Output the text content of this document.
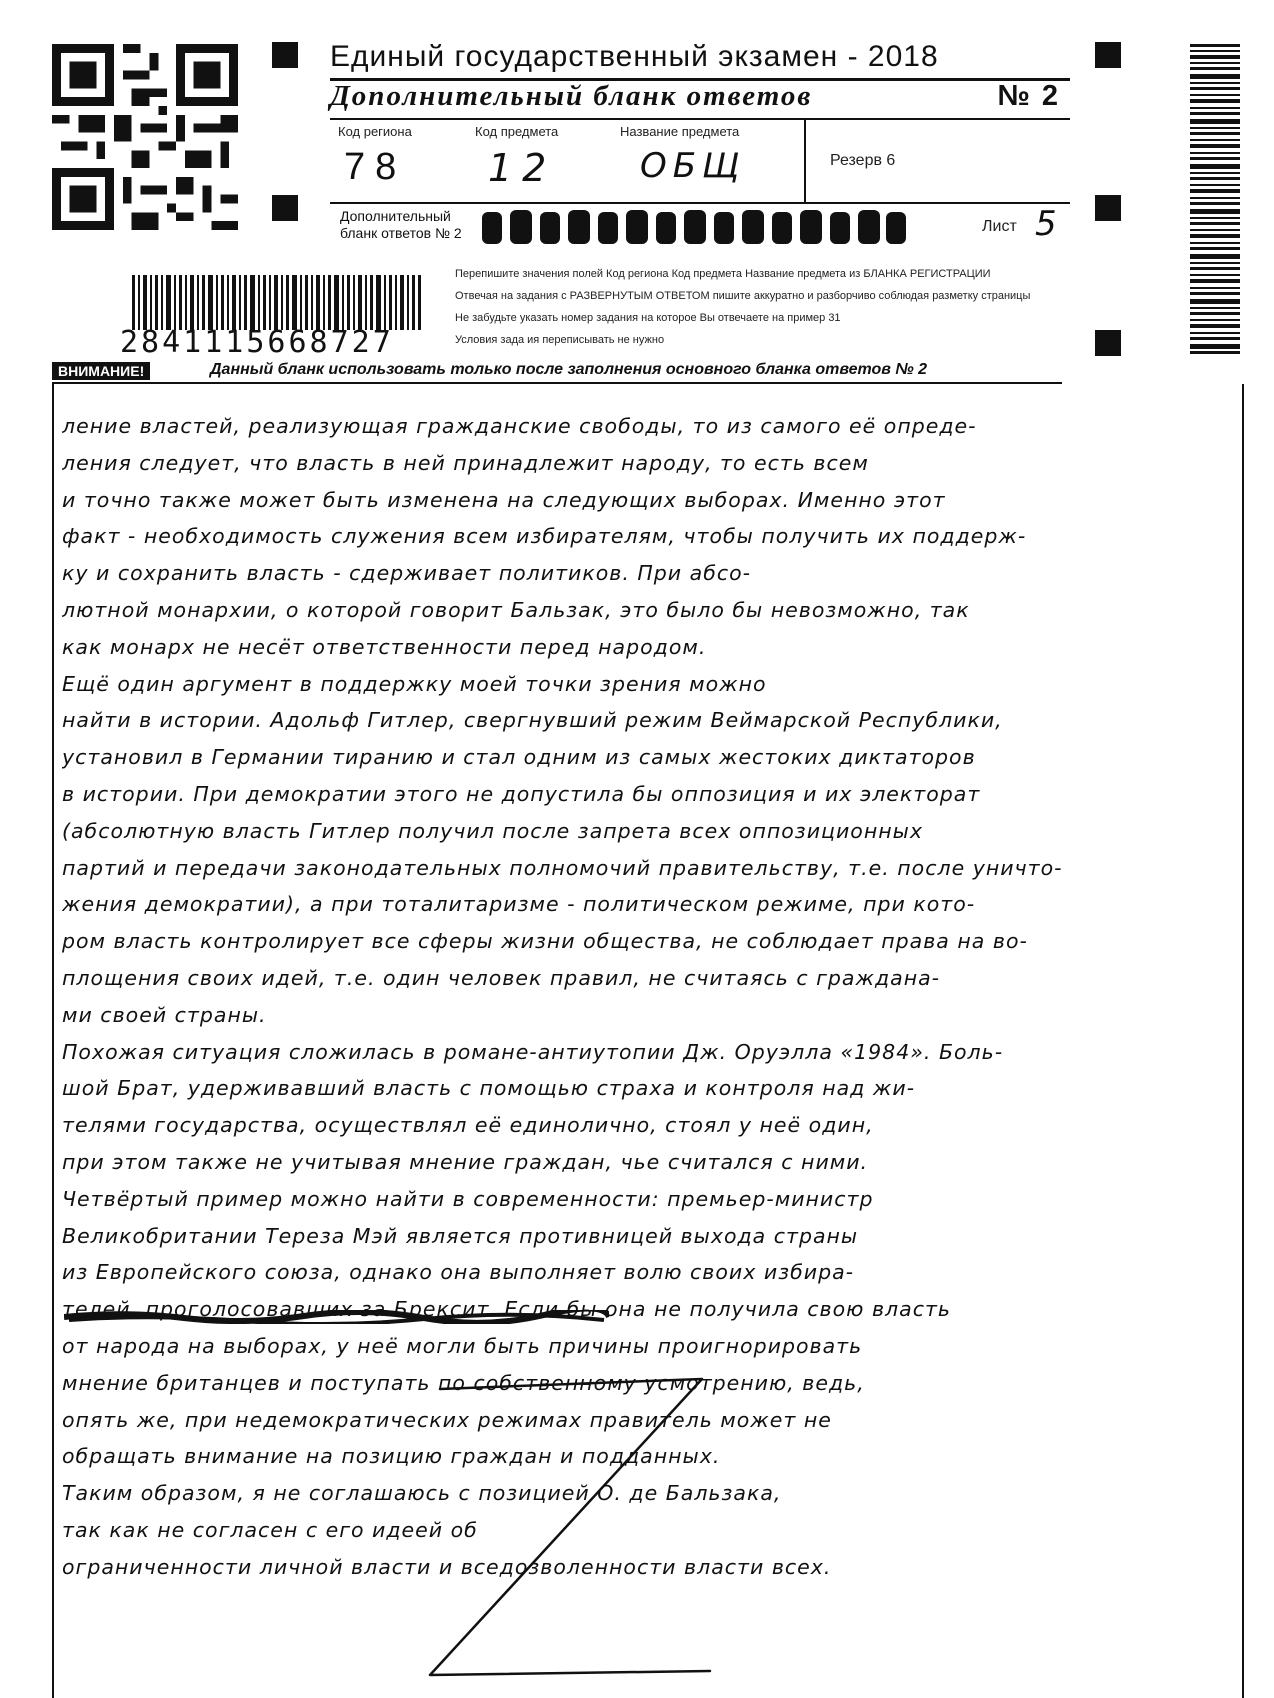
Единый государственный экзамен - 2018
Дополнительный бланк ответов	№ 2
Код региона
78
Код предмета
12
Название предмета
ОБЩ	Резерв 6
Дополнительный
бланк ответов № 2	Лист 5
Перепишите значения полей Код региона Код предмета Название предмета из БЛАНКА РЕГИСТРАЦИИ
Отвечая на задания с РАЗВЕРНУТЫМ ОТВЕТОМ пишите аккуратно и разборчиво соблюдая разметку страницы
Не забудьте указать номер задания на которое Вы отвечаете на пример 31
Условия зада ия переписывать не нужно
2841115668727
ВНИМАНИЕ!	Данный бланк использовать только после заполнения основного бланка ответов № 2
ление властей, реализующая гражданские свободы, то из самого её опреде-
ления следует, что власть в ней принадлежит народу, то есть всем
и точно также может быть изменена на следующих выборах. Именно этот
факт - необходимость служения всем избирателям, чтобы получить их поддерж-
ку и сохранить власть - сдерживает политиков. При абсо-
лютной монархии, о которой говорит Бальзак, это было бы невозможно, так
как монарх не несёт ответственности перед народом.
Ещё один аргумент в поддержку моей точки зрения можно
найти в истории. Адольф Гитлер, свергнувший режим Веймарской Республики,
установил в Германии тиранию и стал одним из самых жестоких диктаторов
в истории. При демократии этого не допустила бы оппозиция и их электорат
(абсолютную власть Гитлер получил после запрета всех оппозиционных
партий и передачи законодательных полномочий правительству, т.е. после уничто-
жения демократии), а при тоталитаризме - политическом режиме, при кото-
ром власть контролирует все сферы жизни общества, не соблюдает права на во-
площения своих идей, т.е. один человек правил, не считаясь с граждана-
ми своей страны.
Похожая ситуация сложилась в романе-антиутопии Дж. Оруэлла «1984». Боль-
шой Брат, удерживавший власть с помощью страха и контроля над жи-
телями государства, осуществлял её единолично, стоял у неё один,
при этом также не учитывая мнение граждан, чье считался с ними.
Четвёртый пример можно найти в современности: премьер-министр
Великобритании Тереза Мэй является противницей выхода страны
из Европейского союза, однако она выполняет волю своих избира-
телей, проголосовавших за Брексит. Если бы она не получила свою власть
от народа на выборах, у неё могли быть причины проигнорировать
мнение британцев и поступать по собственному усмотрению, ведь,
опять же, при недемократических режимах правитель может не
обращать внимание на позицию граждан и подданных.
Таким образом, я не соглашаюсь с позицией О. де Бальзака,
так как не согласен с его идеей об
ограниченности личной власти и вседозволенности власти всех.
